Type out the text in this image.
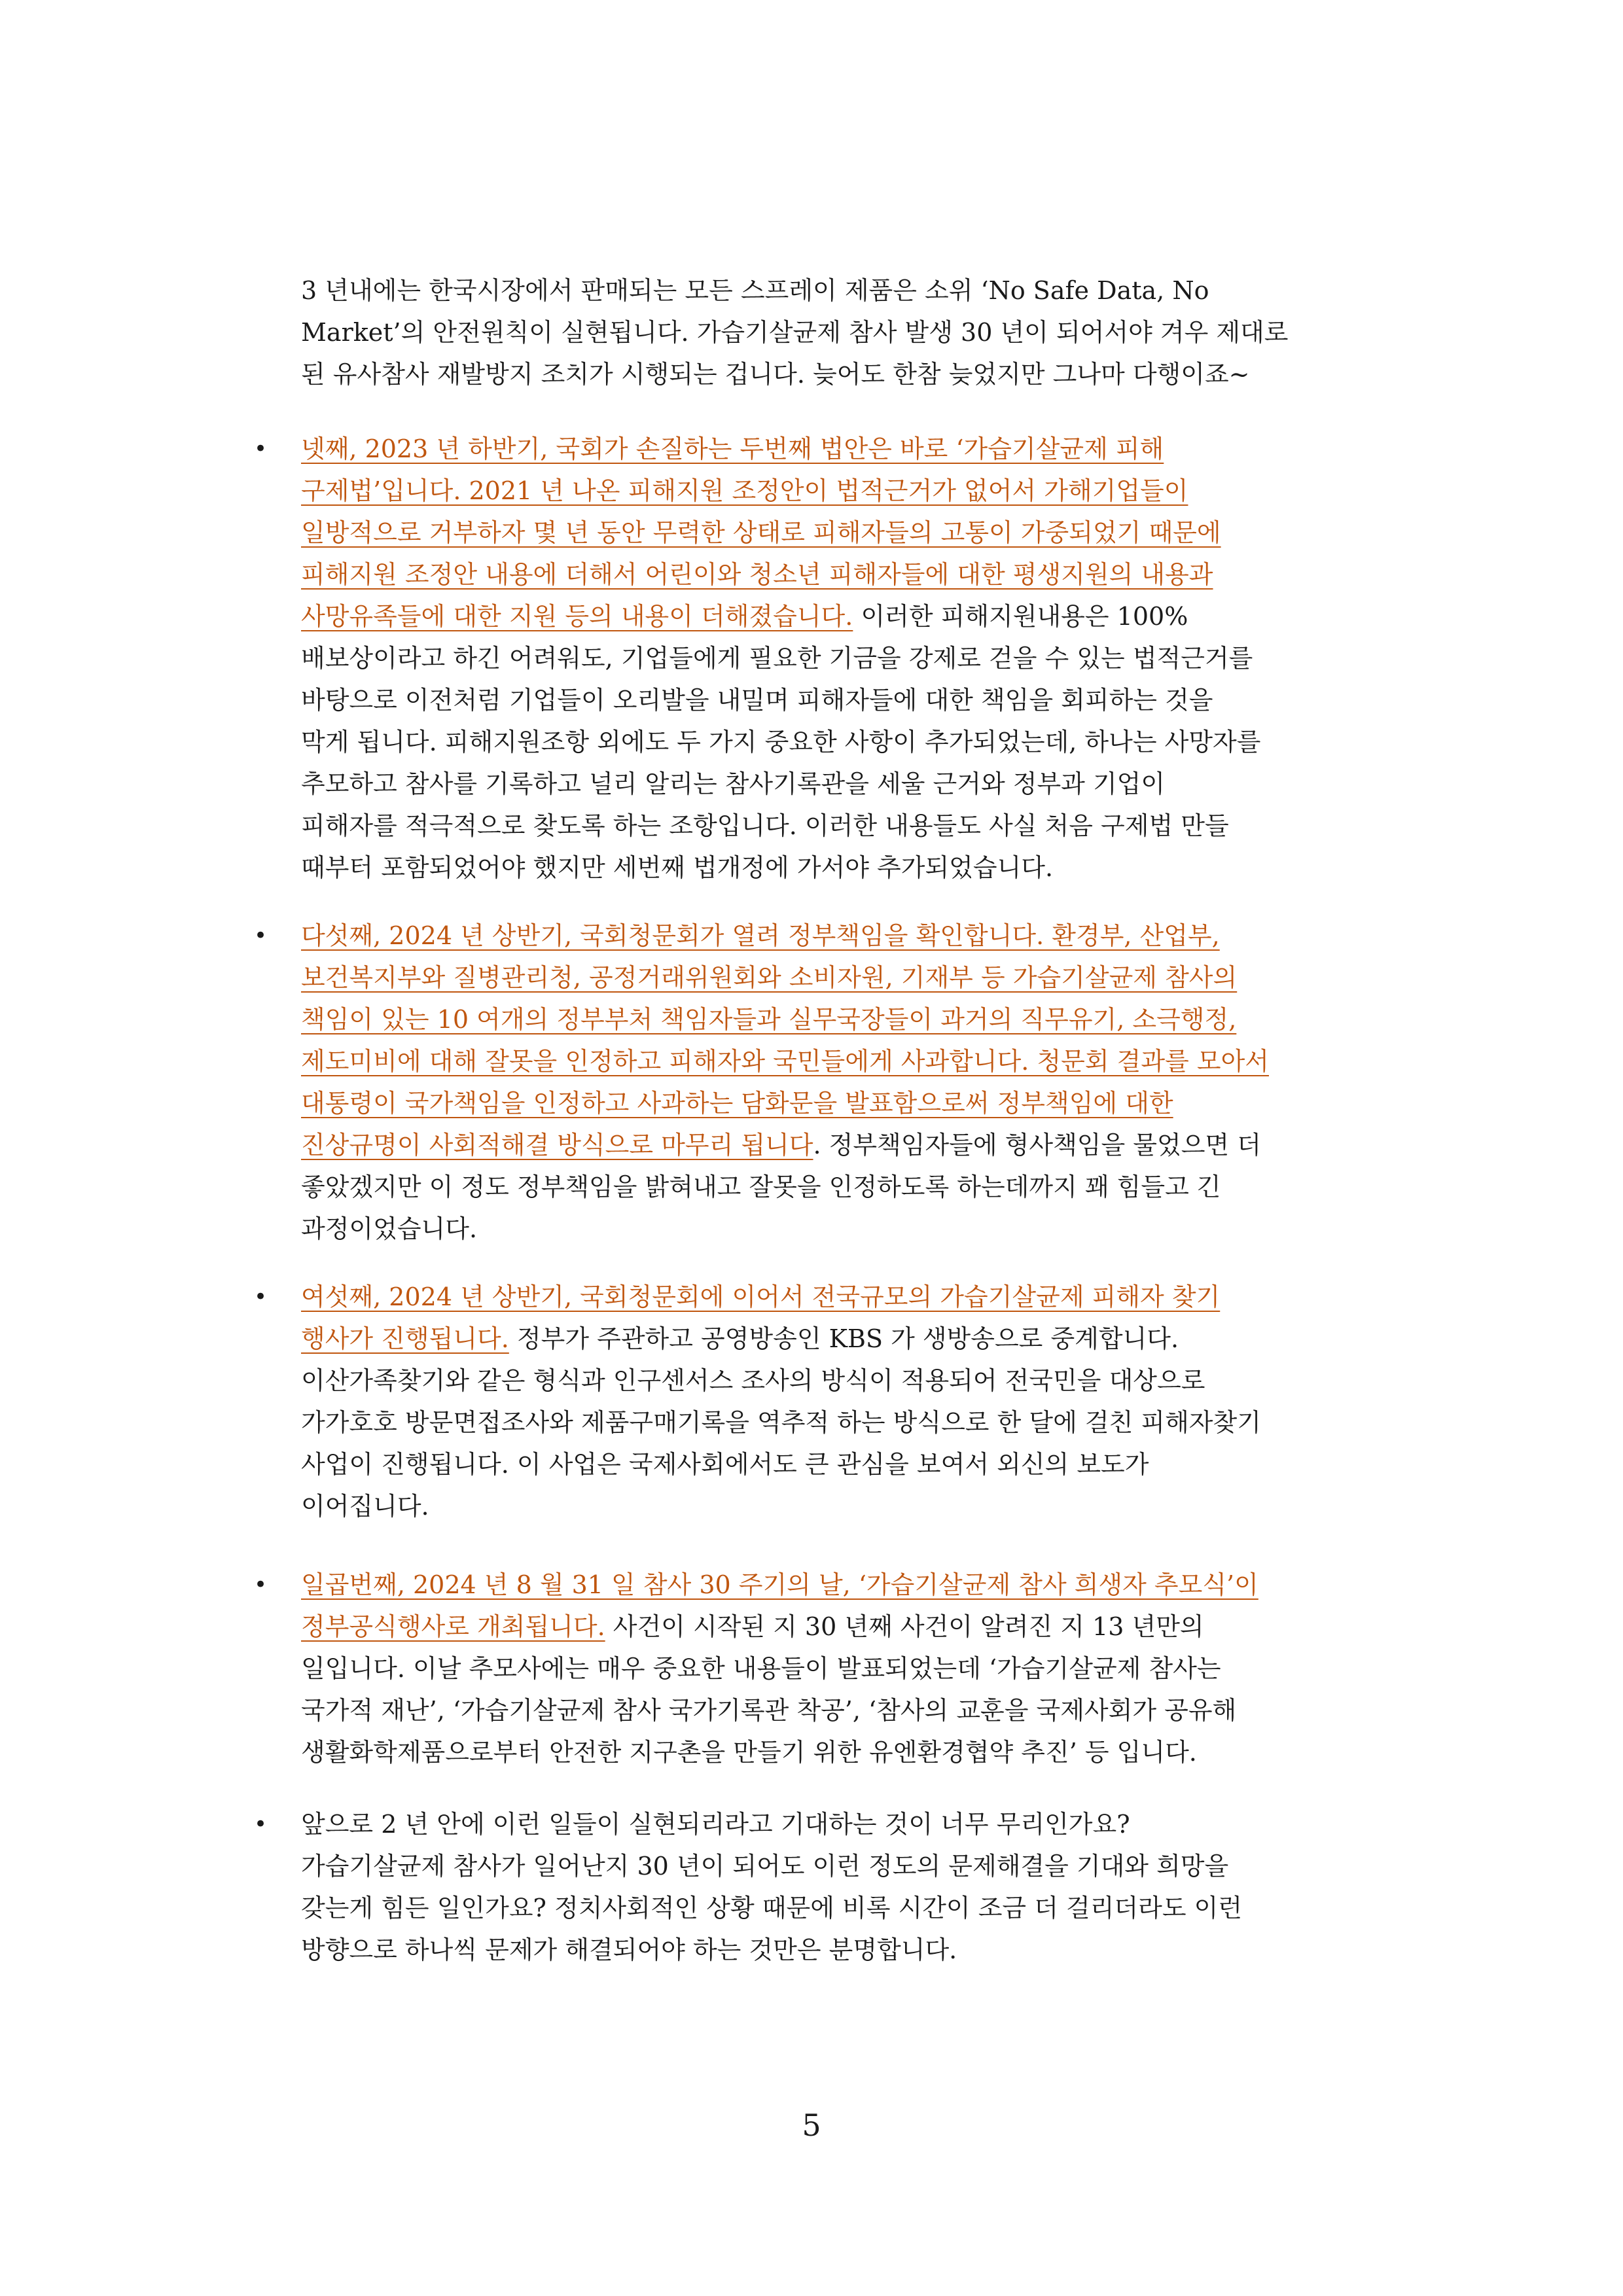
3 년내에는 한국시장에서 판매되는 모든 스프레이 제품은 소위 ‘No Safe Data, No
Market’의 안전원칙이 실현됩니다. 가습기살균제 참사 발생 30 년이 되어서야 겨우 제대로
된 유사참사 재발방지 조치가 시행되는 겁니다. 늦어도 한참 늦었지만 그나마 다행이죠~
• 넷째, 2023 년 하반기, 국회가 손질하는 두번째 법안은 바로 ‘가습기살균제 피해
구제법’입니다. 2021 년 나온 피해지원 조정안이 법적근거가 없어서 가해기업들이
일방적으로 거부하자 몇 년 동안 무력한 상태로 피해자들의 고통이 가중되었기 때문에
피해지원 조정안 내용에 더해서 어린이와 청소년 피해자들에 대한 평생지원의 내용과
사망유족들에 대한 지원 등의 내용이 더해졌습니다. 이러한 피해지원내용은 100%
배보상이라고 하긴 어려워도, 기업들에게 필요한 기금을 강제로 걷을 수 있는 법적근거를
바탕으로 이전처럼 기업들이 오리발을 내밀며 피해자들에 대한 책임을 회피하는 것을
막게 됩니다. 피해지원조항 외에도 두 가지 중요한 사항이 추가되었는데, 하나는 사망자를
추모하고 참사를 기록하고 널리 알리는 참사기록관을 세울 근거와 정부과 기업이
피해자를 적극적으로 찾도록 하는 조항입니다. 이러한 내용들도 사실 처음 구제법 만들
때부터 포함되었어야 했지만 세번째 법개정에 가서야 추가되었습니다.
• 다섯째, 2024 년 상반기, 국회청문회가 열려 정부책임을 확인합니다. 환경부, 산업부,
보건복지부와 질병관리청, 공정거래위원회와 소비자원, 기재부 등 가습기살균제 참사의
책임이 있는 10 여개의 정부부처 책임자들과 실무국장들이 과거의 직무유기, 소극행정,
제도미비에 대해 잘못을 인정하고 피해자와 국민들에게 사과합니다. 청문회 결과를 모아서
대통령이 국가책임을 인정하고 사과하는 담화문을 발표함으로써 정부책임에 대한
진상규명이 사회적해결 방식으로 마무리 됩니다. 정부책임자들에 형사책임을 물었으면 더
좋았겠지만 이 정도 정부책임을 밝혀내고 잘못을 인정하도록 하는데까지 꽤 힘들고 긴
과정이었습니다.
• 여섯째, 2024 년 상반기, 국회청문회에 이어서 전국규모의 가습기살균제 피해자 찾기
행사가 진행됩니다. 정부가 주관하고 공영방송인 KBS 가 생방송으로 중계합니다.
이산가족찾기와 같은 형식과 인구센서스 조사의 방식이 적용되어 전국민을 대상으로
가가호호 방문면접조사와 제품구매기록을 역추적 하는 방식으로 한 달에 걸친 피해자찾기
사업이 진행됩니다. 이 사업은 국제사회에서도 큰 관심을 보여서 외신의 보도가
이어집니다.
• 일곱번째, 2024 년 8 월 31 일 참사 30 주기의 날, ‘가습기살균제 참사 희생자 추모식’이
정부공식행사로 개최됩니다. 사건이 시작된 지 30 년째 사건이 알려진 지 13 년만의
일입니다. 이날 추모사에는 매우 중요한 내용들이 발표되었는데 ‘가습기살균제 참사는
국가적 재난’, ‘가습기살균제 참사 국가기록관 착공’, ‘참사의 교훈을 국제사회가 공유해
생활화학제품으로부터 안전한 지구촌을 만들기 위한 유엔환경협약 추진’ 등 입니다.
• 앞으로 2 년 안에 이런 일들이 실현되리라고 기대하는 것이 너무 무리인가요?
가습기살균제 참사가 일어난지 30 년이 되어도 이런 정도의 문제해결을 기대와 희망을
갖는게 힘든 일인가요? 정치사회적인 상황 때문에 비록 시간이 조금 더 걸리더라도 이런
방향으로 하나씩 문제가 해결되어야 하는 것만은 분명합니다.
5
